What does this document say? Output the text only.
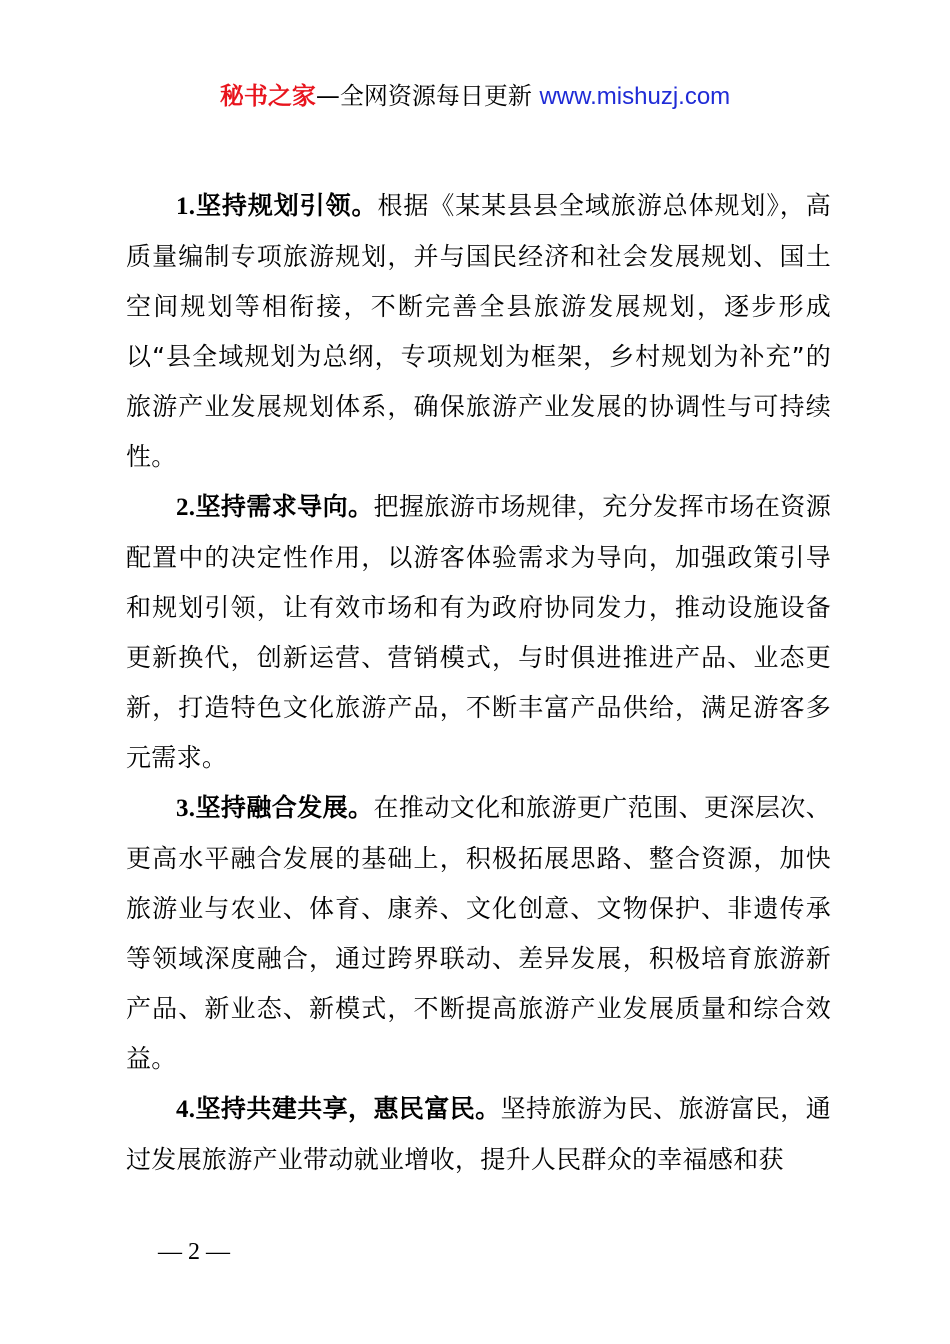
秘书之家—全网资源每日更新 www.mishuzj.com

1.坚持规划引领。根据《某某县县全域旅游总体规划》，高质量编制专项旅游规划，并与国民经济和社会发展规划、国土空间规划等相衔接，不断完善全县旅游发展规划，逐步形成以“县全域规划为总纲，专项规划为框架，乡村规划为补充”的旅游产业发展规划体系，确保旅游产业发展的协调性与可持续性。

2.坚持需求导向。把握旅游市场规律，充分发挥市场在资源配置中的决定性作用，以游客体验需求为导向，加强政策引导和规划引领，让有效市场和有为政府协同发力，推动设施设备更新换代，创新运营、营销模式，与时俱进推进产品、业态更新，打造特色文化旅游产品，不断丰富产品供给，满足游客多元需求。

3.坚持融合发展。在推动文化和旅游更广范围、更深层次、更高水平融合发展的基础上，积极拓展思路、整合资源，加快旅游业与农业、体育、康养、文化创意、文物保护、非遗传承等领域深度融合，通过跨界联动、差异发展，积极培育旅游新产品、新业态、新模式，不断提高旅游产业发展质量和综合效益。

4.坚持共建共享，惠民富民。坚持旅游为民、旅游富民，通过发展旅游产业带动就业增收，提升人民群众的幸福感和获

— 2 —
